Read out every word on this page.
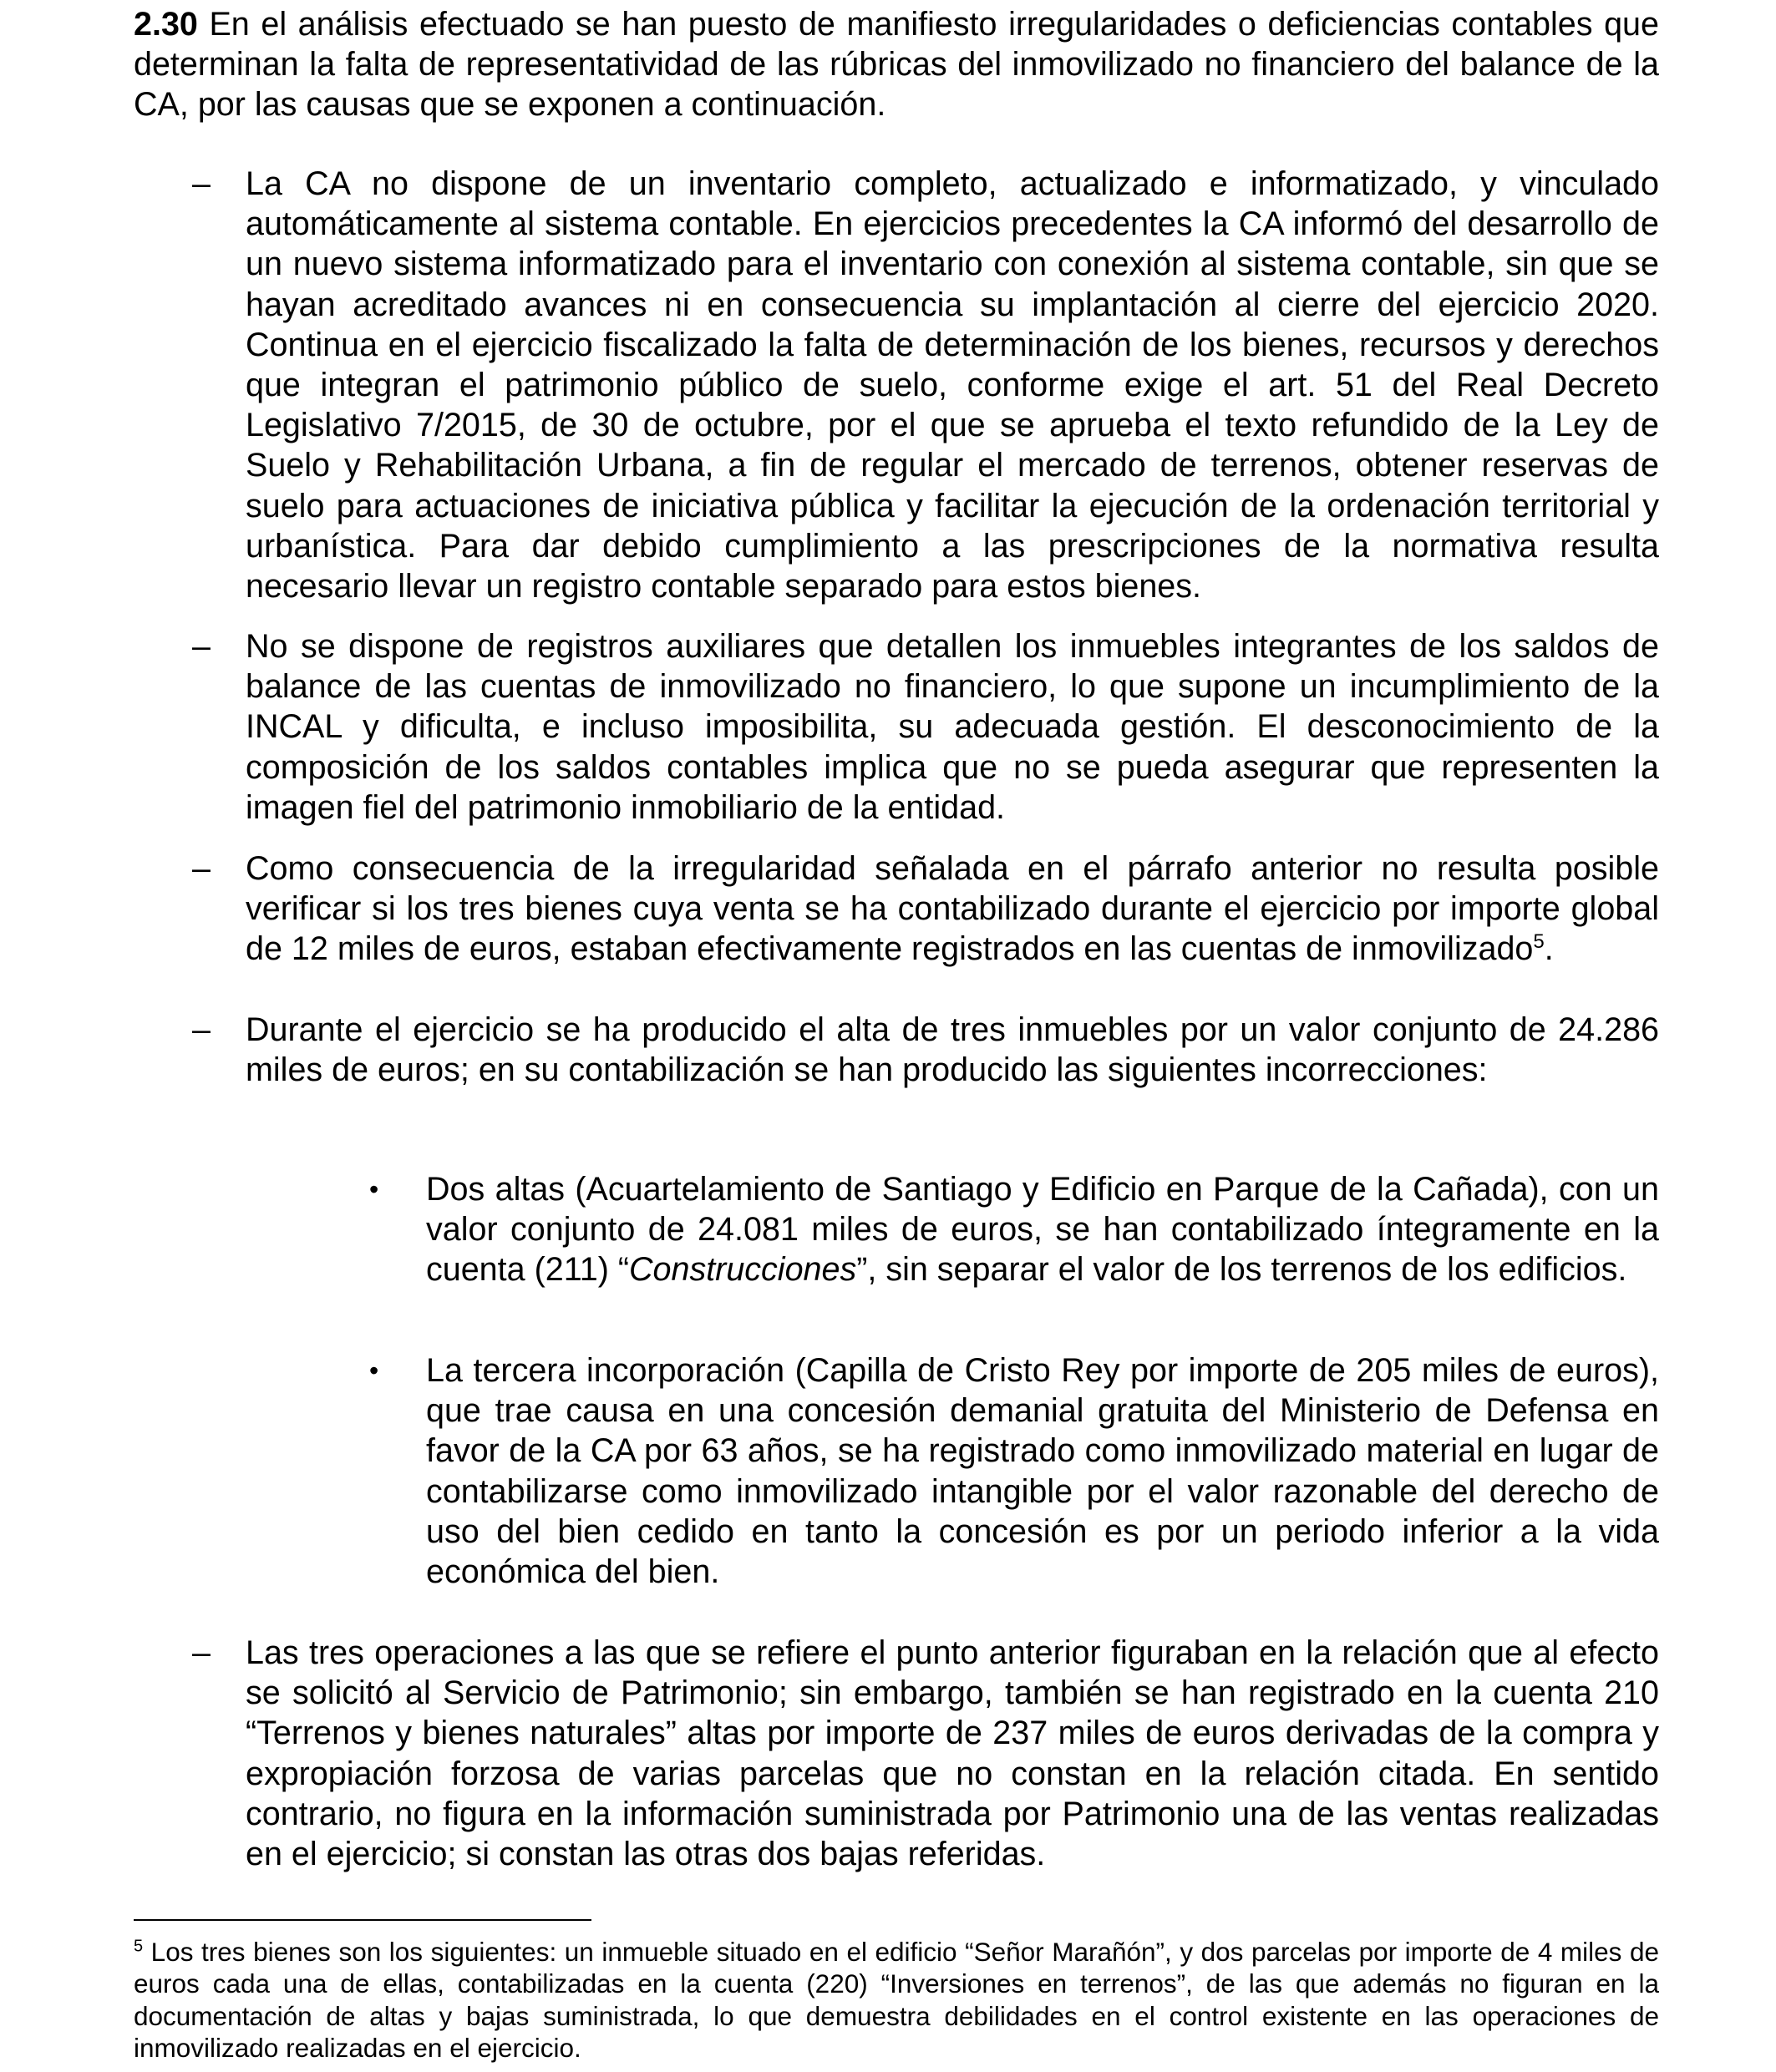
2.30 En el análisis efectuado se han puesto de manifiesto irregularidades o deficiencias contables que determinan la falta de representatividad de las rúbricas del inmovilizado no financiero del balance de la CA, por las causas que se exponen a continuación.

– La CA no dispone de un inventario completo, actualizado e informatizado, y vinculado automáticamente al sistema contable. En ejercicios precedentes la CA informó del desarrollo de un nuevo sistema informatizado para el inventario con conexión al sistema contable, sin que se hayan acreditado avances ni en consecuencia su implantación al cierre del ejercicio 2020. Continua en el ejercicio fiscalizado la falta de determinación de los bienes, recursos y derechos que integran el patrimonio público de suelo, conforme exige el art. 51 del Real Decreto Legislativo 7/2015, de 30 de octubre, por el que se aprueba el texto refundido de la Ley de Suelo y Rehabilitación Urbana, a fin de regular el mercado de terrenos, obtener reservas de suelo para actuaciones de iniciativa pública y facilitar la ejecución de la ordenación territorial y urbanística. Para dar debido cumplimiento a las prescripciones de la normativa resulta necesario llevar un registro contable separado para estos bienes.
– No se dispone de registros auxiliares que detallen los inmuebles integrantes de los saldos de balance de las cuentas de inmovilizado no financiero, lo que supone un incumplimiento de la INCAL y dificulta, e incluso imposibilita, su adecuada gestión. El desconocimiento de la composición de los saldos contables implica que no se pueda asegurar que representen la imagen fiel del patrimonio inmobiliario de la entidad.
– Como consecuencia de la irregularidad señalada en el párrafo anterior no resulta posible verificar si los tres bienes cuya venta se ha contabilizado durante el ejercicio por importe global de 12 miles de euros, estaban efectivamente registrados en las cuentas de inmovilizado$^5$.
– Durante el ejercicio se ha producido el alta de tres inmuebles por un valor conjunto de 24.286 miles de euros; en su contabilización se han producido las siguientes incorrecciones:
• Dos altas (Acuartelamiento de Santiago y Edificio en Parque de la Cañada), con un valor conjunto de 24.081 miles de euros, se han contabilizado íntegramente en la cuenta (211) “Construcciones”, sin separar el valor de los terrenos de los edificios.
• La tercera incorporación (Capilla de Cristo Rey por importe de 205 miles de euros), que trae causa en una concesión demanial gratuita del Ministerio de Defensa en favor de la CA por 63 años, se ha registrado como inmovilizado material en lugar de contabilizarse como inmovilizado intangible por el valor razonable del derecho de uso del bien cedido en tanto la concesión es por un periodo inferior a la vida económica del bien.
– Las tres operaciones a las que se refiere el punto anterior figuraban en la relación que al efecto se solicitó al Servicio de Patrimonio; sin embargo, también se han registrado en la cuenta 210 “Terrenos y bienes naturales” altas por importe de 237 miles de euros derivadas de la compra y expropiación forzosa de varias parcelas que no constan en la relación citada. En sentido contrario, no figura en la información suministrada por Patrimonio una de las ventas realizadas en el ejercicio; si constan las otras dos bajas referidas.

$^5$ Los tres bienes son los siguientes: un inmueble situado en el edificio “Señor Marañón”, y dos parcelas por importe de 4 miles de euros cada una de ellas, contabilizadas en la cuenta (220) “Inversiones en terrenos”, de las que además no figuran en la documentación de altas y bajas suministrada, lo que demuestra debilidades en el control existente en las operaciones de inmovilizado realizadas en el ejercicio.
